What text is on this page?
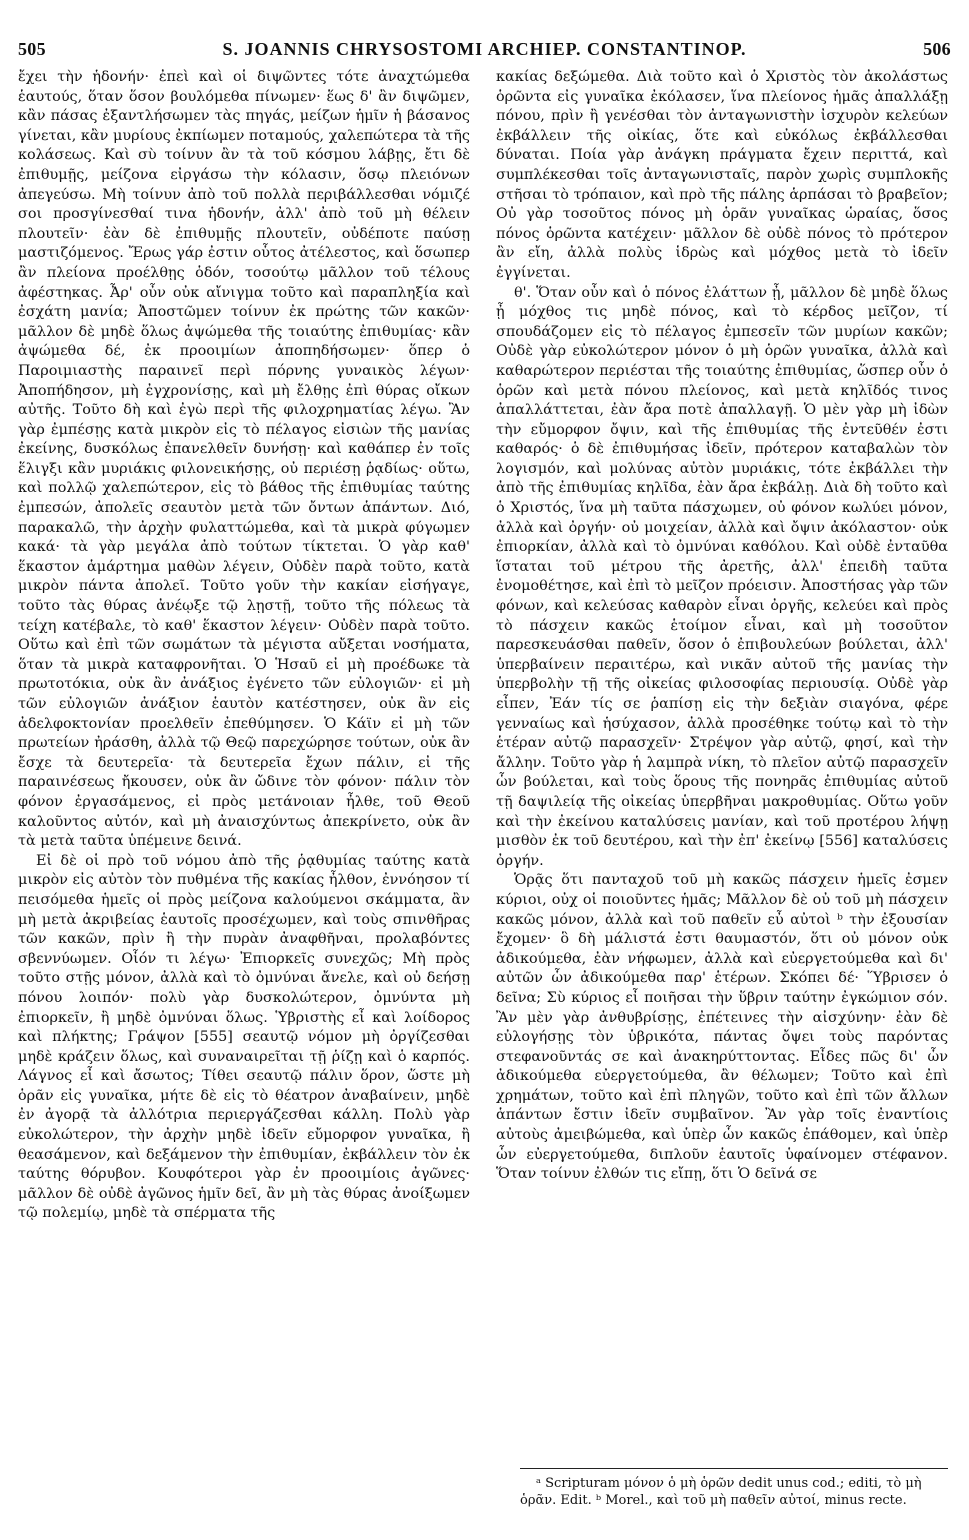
505	S. JOANNIS CHRYSOSTOMI ARCHIEP. CONSTANTINOP.	506

ἔχει τὴν ἡδονήν· ἐπεὶ καὶ οἱ διψῶντες τότε ἀναχτώμεθα ἑαυτούς, ὅταν ὅσον βουλόμεθα πίνωμεν· ἕως δ' ἂν διψῶμεν, κἂν πάσας ἐξαντλήσωμεν τὰς πηγάς, μείζων ἡμῖν ἡ βάσανος γίνεται, κἂν μυρίους ἐκπίωμεν ποταμούς, χαλεπώτερα τὰ τῆς κολάσεως. Καὶ σὺ τοίνυν ἂν τὰ τοῦ κόσμου λάβῃς, ἔτι δὲ ἐπιθυμῇς, μείζονα εἰργάσω τὴν κόλασιν, ὅσῳ πλειόνων ἀπεγεύσω. Μὴ τοίνυν ἀπὸ τοῦ πολλὰ περιβάλλεσθαι νόμιζέ σοι προσγίνεσθαί τινα ἡδονήν, ἀλλ' ἀπὸ τοῦ μὴ θέλειν πλουτεῖν· ἐὰν δὲ ἐπιθυμῇς πλουτεῖν, οὐδέποτε παύσῃ μαστιζόμενος. Ἔρως γάρ ἐστιν οὗτος ἀτέλεστος, καὶ ὅσωπερ ἂν πλείονα προέλθῃς ὁδόν, τοσούτῳ μᾶλλον τοῦ τέλους ἀφέστηκας. Ἆρ' οὖν οὐκ αἴνιγμα τοῦτο καὶ παραπληξία καὶ ἐσχάτη μανία; Ἀποστῶμεν τοίνυν ἐκ πρώτης τῶν κακῶν· μᾶλλον δὲ μηδὲ ὅλως ἀψώμεθα τῆς τοιαύτης ἐπιθυμίας· κἂν ἀψώμεθα δέ, ἐκ προοιμίων ἀποπηδήσωμεν· ὅπερ ὁ Παροιμιαστὴς παραινεῖ περὶ πόρνης γυναικὸς λέγων· Ἀποπήδησον, μὴ ἐγχρονίσῃς, καὶ μὴ ἔλθῃς ἐπὶ θύρας οἴκων αὐτῆς. Τοῦτο δὴ καὶ ἐγὼ περὶ τῆς φιλοχρηματίας λέγω. Ἂν γὰρ ἐμπέσῃς κατὰ μικρὸν εἰς τὸ πέλαγος εἰσιὼν τῆς μανίας ἐκείνης, δυσκόλως ἐπανελθεῖν δυνήσῃ· καὶ καθάπερ ἐν τοῖς ἕλιγξι κἂν μυριάκις φιλονεικήσῃς, οὐ περιέσῃ ῥᾳδίως· οὕτω, καὶ πολλῷ χαλεπώτερον, εἰς τὸ βάθος τῆς ἐπιθυμίας ταύτης ἐμπεσών, ἀπολεῖς σεαυτὸν μετὰ τῶν ὄντων ἁπάντων. Διό, παρακαλῶ, τὴν ἀρχὴν φυλαττώμεθα, καὶ τὰ μικρὰ φύγωμεν κακά· τὰ γὰρ μεγάλα ἀπὸ τούτων τίκτεται. Ὁ γὰρ καθ' ἕκαστον ἁμάρτημα μαθὼν λέγειν, Οὐδὲν παρὰ τοῦτο, κατὰ μικρὸν πάντα ἀπολεῖ. Τοῦτο γοῦν τὴν κακίαν εἰσήγαγε, τοῦτο τὰς θύρας ἀνέῳξε τῷ λῃστῇ, τοῦτο τῆς πόλεως τὰ τείχη κατέβαλε, τὸ καθ' ἕκαστον λέγειν· Οὐδὲν παρὰ τοῦτο. Οὕτω καὶ ἐπὶ τῶν σωμάτων τὰ μέγιστα αὔξεται νοσήματα, ὅταν τὰ μικρὰ καταφρονῆται. Ὁ Ἡσαῦ εἰ μὴ προέδωκε τὰ πρωτοτόκια, οὐκ ἂν ἀνάξιος ἐγένετο τῶν εὐλογιῶν· εἰ μὴ τῶν εὐλογιῶν ἀνάξιον ἑαυτὸν κατέστησεν, οὐκ ἂν εἰς ἀδελφοκτονίαν προελθεῖν ἐπεθύμησεν. Ὁ Κάϊν εἰ μὴ τῶν πρωτείων ἠράσθη, ἀλλὰ τῷ Θεῷ παρεχώρησε τούτων, οὐκ ἂν ἔσχε τὰ δευτερεῖα· τὰ δευτερεῖα ἔχων πάλιν, εἰ τῆς παραινέσεως ἤκουσεν, οὐκ ἂν ὤδινε τὸν φόνον· πάλιν τὸν φόνον ἐργασάμενος, εἰ πρὸς μετάνοιαν ἦλθε, τοῦ Θεοῦ καλοῦντος αὐτόν, καὶ μὴ ἀναισχύντως ἀπεκρίνετο, οὐκ ἂν τὰ μετὰ ταῦτα ὑπέμεινε δεινά.

Εἰ δὲ οἱ πρὸ τοῦ νόμου ἀπὸ τῆς ῥᾳθυμίας ταύτης κατὰ μικρὸν εἰς αὐτὸν τὸν πυθμένα τῆς κακίας ἦλθον, ἐννόησον τί πεισόμεθα ἡμεῖς οἱ πρὸς μείζονα καλούμενοι σκάμματα, ἂν μὴ μετὰ ἀκριβείας ἑαυτοῖς προσέχωμεν, καὶ τοὺς σπινθῆρας τῶν κακῶν, πρὶν ἢ τὴν πυρὰν ἀναφθῆναι, προλαβόντες σβεννύωμεν. Οἷόν τι λέγω· Ἐπιορκεῖς συνεχῶς; Μὴ πρὸς τοῦτο στῇς μόνον, ἀλλὰ καὶ τὸ ὀμνύναι ἄνελε, καὶ οὐ δεήσῃ πόνου λοιπόν· πολὺ γὰρ δυσκολώτερον, ὀμνύντα μὴ ἐπιορκεῖν, ἢ μηδὲ ὀμνύναι ὅλως. Ὑβριστὴς εἶ καὶ λοίδορος καὶ πλήκτης; Γράψον [555] σεαυτῷ νόμον μὴ ὀργίζεσθαι μηδὲ κράζειν ὅλως, καὶ συναναιρεῖται τῇ ῥίζῃ καὶ ὁ καρπός. Λάγνος εἶ καὶ ἄσωτος; Τίθει σεαυτῷ πάλιν ὅρον, ὥστε μὴ ὁρᾶν εἰς γυναῖκα, μήτε δὲ εἰς τὸ θέατρον ἀναβαίνειν, μηδὲ ἐν ἀγορᾷ τὰ ἀλλότρια περιεργάζεσθαι κάλλη. Πολὺ γὰρ εὐκολώτερον, τὴν ἀρχὴν μηδὲ ἰδεῖν εὔμορφον γυναῖκα, ἢ θεασάμενον, καὶ δεξάμενον τὴν ἐπιθυμίαν, ἐκβάλλειν τὸν ἐκ ταύτης θόρυβον. Κουφότεροι γὰρ ἐν προοιμίοις ἀγῶνες· μᾶλλον δὲ οὐδὲ ἀγῶνος ἡμῖν δεῖ, ἂν μὴ τὰς θύρας ἀνοίξωμεν τῷ πολεμίῳ, μηδὲ τὰ σπέρματα τῆς

κακίας δεξώμεθα. Διὰ τοῦτο καὶ ὁ Χριστὸς τὸν ἀκολάστως ὁρῶντα εἰς γυναῖκα ἐκόλασεν, ἵνα πλείονος ἡμᾶς ἀπαλλάξῃ πόνου, πρὶν ἢ γενέσθαι τὸν ἀνταγωνιστὴν ἰσχυρὸν κελεύων ἐκβάλλειν τῆς οἰκίας, ὅτε καὶ εὐκόλως ἐκβάλλεσθαι δύναται. Ποία γὰρ ἀνάγκη πράγματα ἔχειν περιττά, καὶ συμπλέκεσθαι τοῖς ἀνταγωνισταῖς, παρὸν χωρὶς συμπλοκῆς στῆσαι τὸ τρόπαιον, καὶ πρὸ τῆς πάλης ἁρπάσαι τὸ βραβεῖον; Οὐ γὰρ τοσοῦτος πόνος μὴ ὁρᾶν γυναῖκας ὡραίας, ὅσος πόνος ὁρῶντα κατέχειν· μᾶλλον δὲ οὐδὲ πόνος τὸ πρότερον ἂν εἴη, ἀλλὰ πολὺς ἱδρὼς καὶ μόχθος μετὰ τὸ ἰδεῖν ἐγγίνεται.

θ'. Ὅταν οὖν καὶ ὁ πόνος ἐλάττων ᾖ, μᾶλλον δὲ μηδὲ ὅλως ᾖ μόχθος τις μηδὲ πόνος, καὶ τὸ κέρδος μεῖζον, τί σπουδάζομεν εἰς τὸ πέλαγος ἐμπεσεῖν τῶν μυρίων κακῶν; Οὐδὲ γὰρ εὐκολώτερον μόνον ὁ μὴ ὁρῶν γυναῖκα, ἀλλὰ καὶ καθαρώτερον περιέσται τῆς τοιαύτης ἐπιθυμίας, ὥσπερ οὖν ὁ ὁρῶν καὶ μετὰ πόνου πλείονος, καὶ μετὰ κηλῖδός τινος ἀπαλλάττεται, ἐὰν ἄρα ποτὲ ἀπαλλαγῇ. Ὁ μὲν γὰρ μὴ ἰδὼν τὴν εὔμορφον ὄψιν, καὶ τῆς ἐπιθυμίας τῆς ἐντεῦθέν ἐστι καθαρός· ὁ δὲ ἐπιθυμήσας ἰδεῖν, πρότερον καταβαλὼν τὸν λογισμόν, καὶ μολύνας αὐτὸν μυριάκις, τότε ἐκβάλλει τὴν ἀπὸ τῆς ἐπιθυμίας κηλῖδα, ἐὰν ἄρα ἐκβάλῃ. Διὰ δὴ τοῦτο καὶ ὁ Χριστός, ἵνα μὴ ταῦτα πάσχωμεν, οὐ φόνον κωλύει μόνον, ἀλλὰ καὶ ὀργήν· οὐ μοιχείαν, ἀλλὰ καὶ ὄψιν ἀκόλαστον· οὐκ ἐπιορκίαν, ἀλλὰ καὶ τὸ ὀμνύναι καθόλου. Καὶ οὐδὲ ἐνταῦθα ἵσταται τοῦ μέτρου τῆς ἀρετῆς, ἀλλ' ἐπειδὴ ταῦτα ἐνομοθέτησε, καὶ ἐπὶ τὸ μεῖζον πρόεισιν. Ἀποστήσας γὰρ τῶν φόνων, καὶ κελεύσας καθαρὸν εἶναι ὀργῆς, κελεύει καὶ πρὸς τὸ πάσχειν κακῶς ἑτοίμον εἶναι, καὶ μὴ τοσοῦτον παρεσκευάσθαι παθεῖν, ὅσον ὁ ἐπιβουλεύων βούλεται, ἀλλ' ὑπερβαίνειν περαιτέρω, καὶ νικᾶν αὐτοῦ τῆς μανίας τὴν ὑπερβολὴν τῇ τῆς οἰκείας φιλοσοφίας περιουσίᾳ. Οὐδὲ γὰρ εἶπεν, Ἐάν τίς σε ῥαπίσῃ εἰς τὴν δεξιὰν σιαγόνα, φέρε γενναίως καὶ ἡσύχασον, ἀλλὰ προσέθηκε τούτῳ καὶ τὸ τὴν ἑτέραν αὐτῷ παρασχεῖν· Στρέψον γὰρ αὐτῷ, φησί, καὶ τὴν ἄλλην. Τοῦτο γὰρ ἡ λαμπρὰ νίκη, τὸ πλεῖον αὐτῷ παρασχεῖν ὧν βούλεται, καὶ τοὺς ὅρους τῆς πονηρᾶς ἐπιθυμίας αὐτοῦ τῇ δαψιλείᾳ τῆς οἰκείας ὑπερβῆναι μακροθυμίας. Οὕτω γοῦν καὶ τὴν ἐκείνου καταλύσεις μανίαν, καὶ τοῦ προτέρου λήψῃ μισθὸν ἐκ τοῦ δευτέρου, καὶ τὴν ἐπ' ἐκείνῳ [556] καταλύσεις ὀργήν.

Ὁρᾷς ὅτι πανταχοῦ τοῦ μὴ κακῶς πάσχειν ἡμεῖς ἐσμεν κύριοι, οὐχ οἱ ποιοῦντες ἡμᾶς; Μᾶλλον δὲ οὐ τοῦ μὴ πάσχειν κακῶς μόνον, ἀλλὰ καὶ τοῦ παθεῖν εὖ αὐτοὶ ᵇ τὴν ἐξουσίαν ἔχομεν· ὃ δὴ μάλιστά ἐστι θαυμαστόν, ὅτι οὐ μόνον οὐκ ἀδικούμεθα, ἐὰν νήφωμεν, ἀλλὰ καὶ εὐεργετούμεθα καὶ δι' αὐτῶν ὧν ἀδικούμεθα παρ' ἑτέρων. Σκόπει δέ· Ὕβρισεν ὁ δεῖνα; Σὺ κύριος εἶ ποιῆσαι τὴν ὕβριν ταύτην ἐγκώμιον σόν. Ἂν μὲν γὰρ ἀνθυβρίσῃς, ἐπέτεινες τὴν αἰσχύνην· ἐὰν δὲ εὐλογήσῃς τὸν ὑβρικότα, πάντας ὄψει τοὺς παρόντας στεφανοῦντάς σε καὶ ἀνακηρύττοντας. Εἶδες πῶς δι' ὧν ἀδικούμεθα εὐεργετούμεθα, ἂν θέλωμεν; Τοῦτο καὶ ἐπὶ χρημάτων, τοῦτο καὶ ἐπὶ πληγῶν, τοῦτο καὶ ἐπὶ τῶν ἄλλων ἁπάντων ἔστιν ἰδεῖν συμβαῖνον. Ἂν γὰρ τοῖς ἐναντίοις αὐτοὺς ἀμειβώμεθα, καὶ ὑπὲρ ὧν κακῶς ἐπάθομεν, καὶ ὑπὲρ ὧν εὐεργετούμεθα, διπλοῦν ἑαυτοῖς ὑφαίνομεν στέφανον. Ὅταν τοίνυν ἐλθών τις εἴπῃ, ὅτι Ὁ δεῖνά σε

ᵃ Scripturam μόνον ὁ μὴ ὁρῶν dedit unus cod.; editi, τὸ μὴ ὁρᾶν. Edit. ᵇ Morel., καὶ τοῦ μὴ παθεῖν αὐτοί, minus recte.
